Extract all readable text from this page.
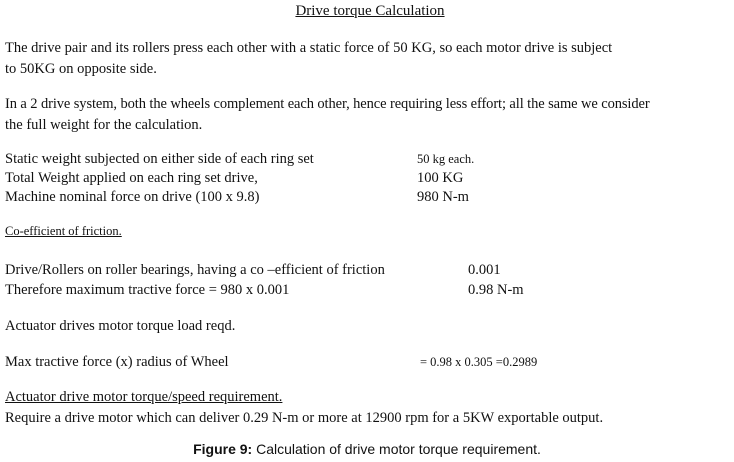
Drive torque Calculation
The drive pair and its rollers press each other with a static force of 50 KG, so each motor drive is subject
to 50KG on opposite side.
In a 2 drive system, both the wheels complement each other, hence requiring less effort; all the same we consider
the full weight for the calculation.
Static weight subjected on either side of each ring set	50 kg each.
Total Weight applied on each ring set drive,	100 KG
Machine nominal force on drive (100 x 9.8)	980 N-m
Co-efficient of friction.
Drive/Rollers on roller bearings, having a co –efficient of friction	0.001
Therefore maximum tractive force = 980 x 0.001	0.98 N-m
Actuator drives motor torque load reqd.
Max tractive force (x) radius of Wheel	= 0.98 x 0.305 =0.2989
Actuator drive motor torque/speed requirement.
Require a drive motor which can deliver 0.29 N-m or more at 12900 rpm for a 5KW exportable output.
Figure 9: Calculation of drive motor torque requirement.
